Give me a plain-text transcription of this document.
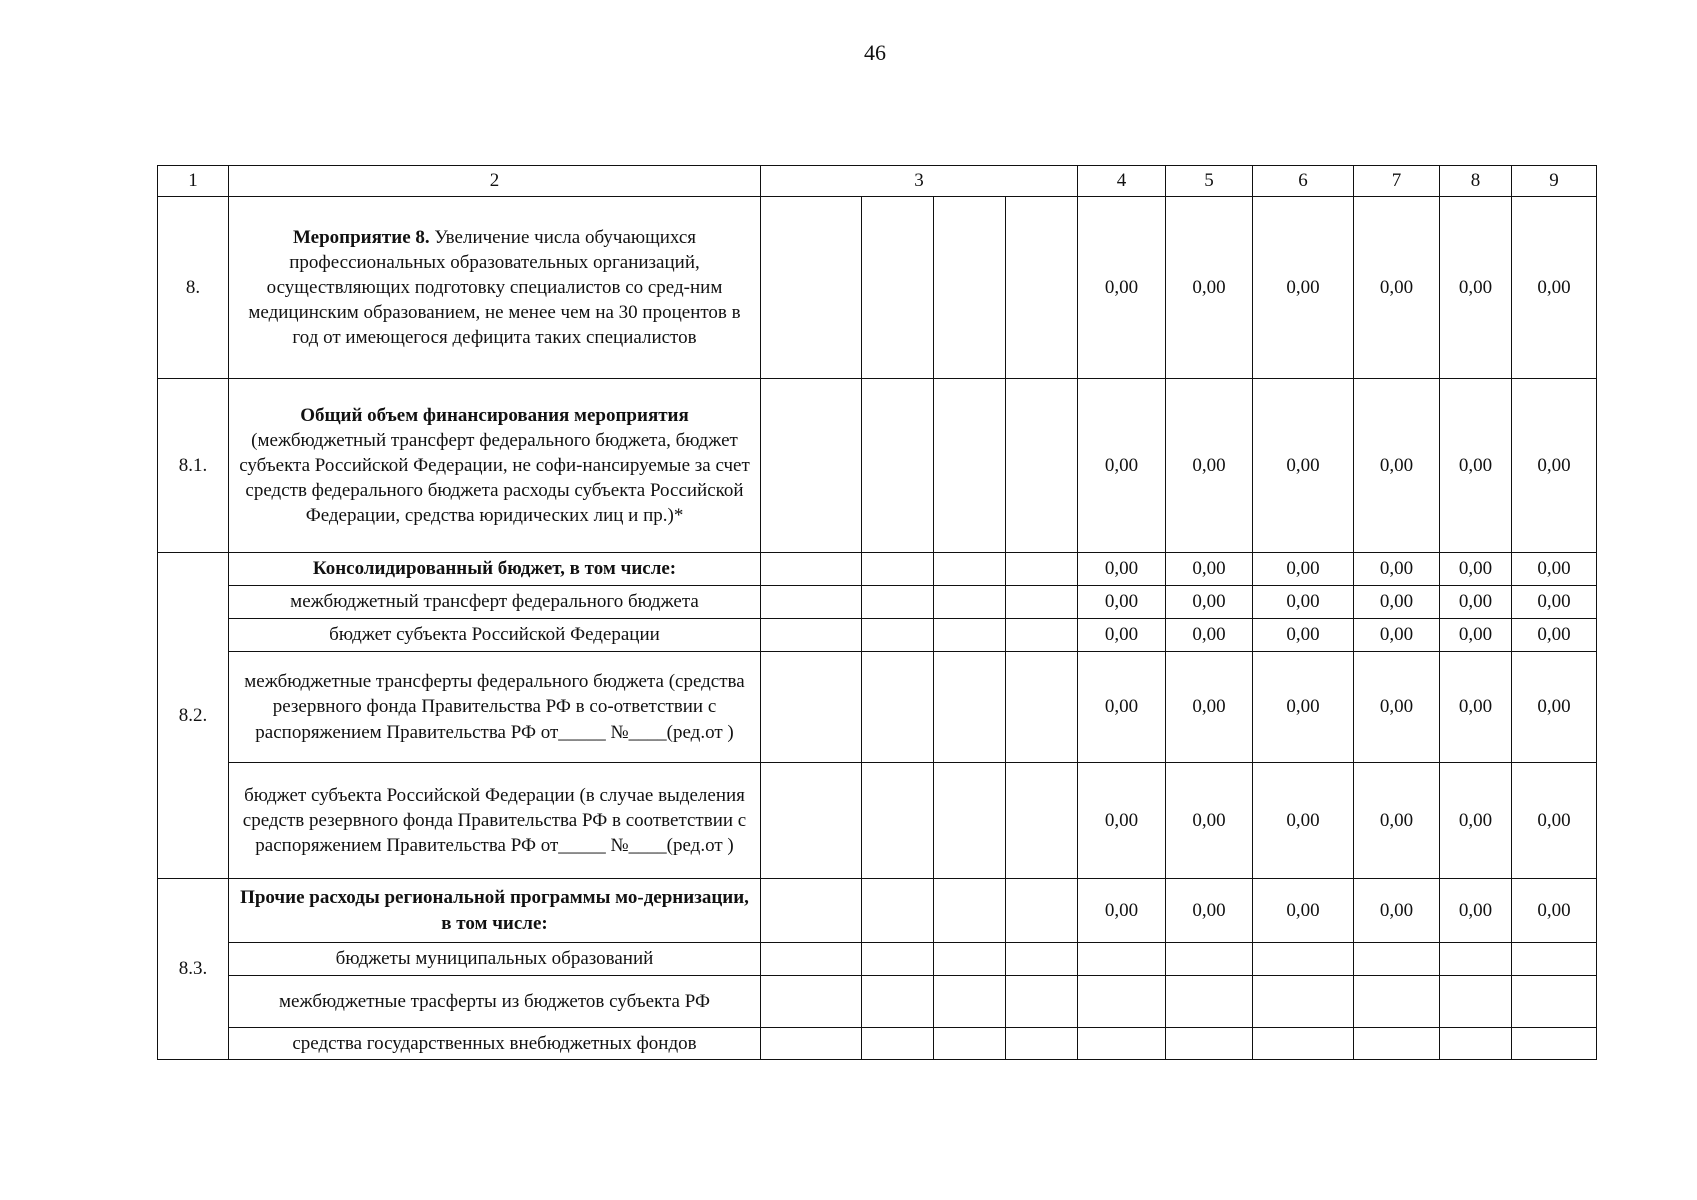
46
1	2	3				4	5	6	7	8	9
8.	Мероприятие 8. Увеличение числа обучающихся профессиональных образовательных организаций, осуществляющих подготовку специалистов со сред-ним медицинским образованием, не менее чем на 30 процентов в год от имеющегося дефицита таких специалистов					0,00	0,00	0,00	0,00	0,00	0,00
8.1.	Общий объем финансирования мероприятия (межбюджетный трансферт федерального бюджета, бюджет субъекта Российской Федерации, не софи-нансируемые за счет средств федерального бюджета расходы субъекта Российской Федерации, средства юридических лиц и пр.)*					0,00	0,00	0,00	0,00	0,00	0,00
8.2.	Консолидированный бюджет, в том числе:					0,00	0,00	0,00	0,00	0,00	0,00
	межбюджетный трансферт федерального бюджета					0,00	0,00	0,00	0,00	0,00	0,00
	бюджет субъекта Российской Федерации					0,00	0,00	0,00	0,00	0,00	0,00
	межбюджетные трансферты федерального бюджета (средства резервного фонда Правительства РФ в со-ответствии с распоряжением Правительства РФ от_____ №____(ред.от )					0,00	0,00	0,00	0,00	0,00	0,00
	бюджет субъекта Российской Федерации (в случае выделения средств резервного фонда Правительства РФ в соответствии с распоряжением Правительства РФ от_____ №____(ред.от )					0,00	0,00	0,00	0,00	0,00	0,00
8.3.	Прочие расходы региональной программы мо-дернизации, в том числе:					0,00	0,00	0,00	0,00	0,00	0,00
	бюджеты муниципальных образований										
	межбюджетные трасферты из бюджетов субъекта РФ										
	средства государственных внебюджетных фондов										
